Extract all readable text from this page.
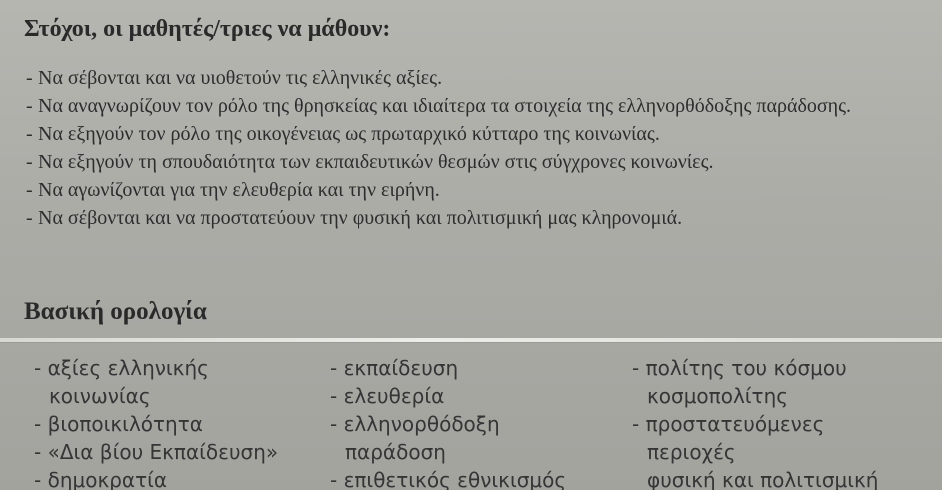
Στόχοι, οι μαθητές/τριες να μάθουν:
- Να σέβονται και να υιοθετούν τις ελληνικές αξίες.
- Να αναγνωρίζουν τον ρόλο της θρησκείας και ιδιαίτερα τα στοιχεία της ελληνορθόδοξης παράδοσης.
- Να εξηγούν τον ρόλο της οικογένειας ως πρωταρχικό κύτταρο της κοινωνίας.
- Να εξηγούν τη σπουδαιότητα των εκπαιδευτικών θεσμών στις σύγχρονες κοινωνίες.
- Να αγωνίζονται για την ελευθερία και την ειρήνη.
- Να σέβονται και να προστατεύουν την φυσική και πολιτισμική μας κληρονομιά.
Βασική ορολογία
- αξίες ελληνικής
κοινωνίας
- βιοποικιλότητα
- «Δια βίου Εκπαίδευση»
- δημοκρατία
- εκπαίδευση
- ελευθερία
- ελληνορθόδοξη
παράδοση
- επιθετικός εθνικισμός
- πολίτης του κόσμου
κοσμοπολίτης
- προστατευόμενες
περιοχές
φυσική και πολιτισμική
